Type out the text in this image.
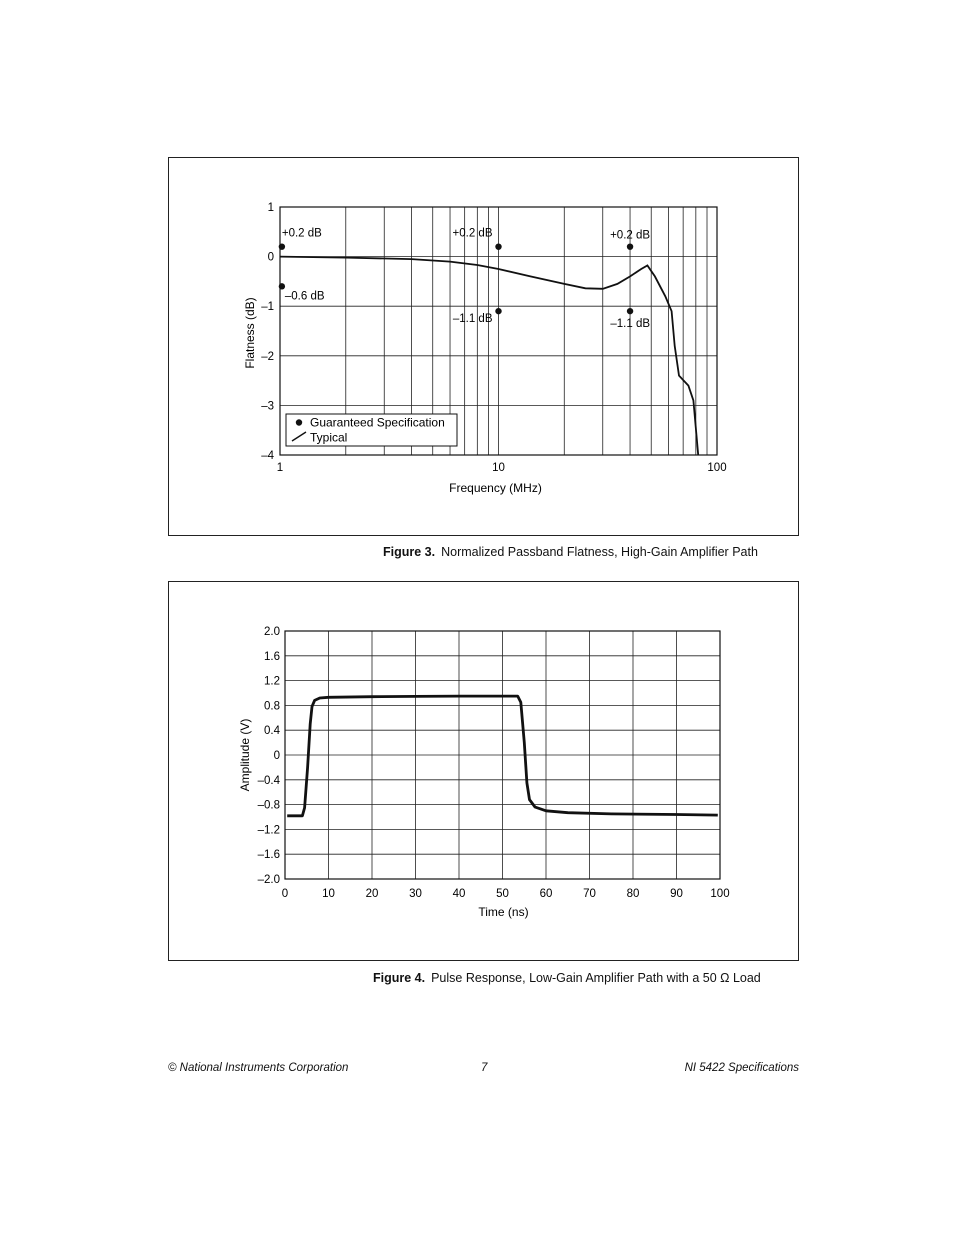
1
0
–1
–2
–3
–4
1	10	100
Frequency (MHz)
Flatness (dB)
+0.2 dB
–0.6 dB
+0.2 dB
–1.1 dB
+0.2 dB
–1.1 dB
Guaranteed Specification
Typical
Figure 3. Normalized Passband Flatness, High-Gain Amplifier Path
2.0
1.6
1.2
0.8
0.4
0
–0.4
–0.8
–1.2
–1.6
–2.0
0	10	20	30	40	50	60	70	80	90 100
Time (ns)
Amplitude (V)
Figure 4. Pulse Response, Low-Gain Amplifier Path with a 50 Ω Load
© National Instruments Corporation	7	NI 5422 Specifications
